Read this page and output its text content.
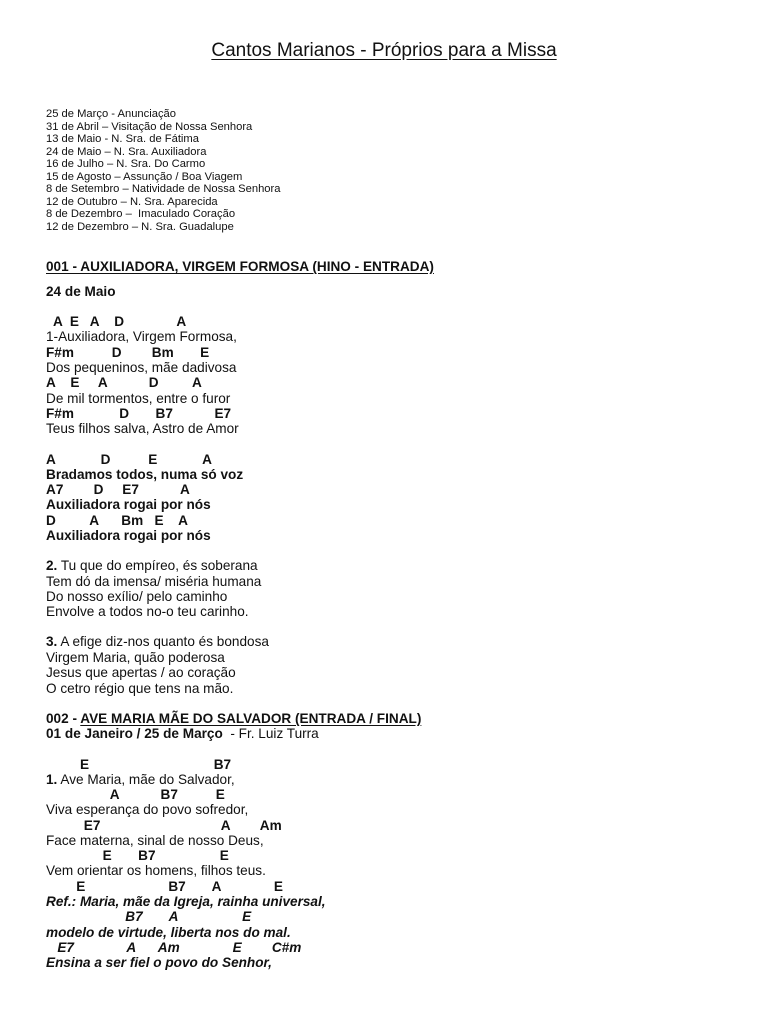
Cantos Marianos - Próprios para a Missa
25 de Março - Anunciação
31 de Abril – Visitação de Nossa Senhora
13 de Maio - N. Sra. de Fátima
24 de Maio – N. Sra. Auxiliadora
16 de Julho – N. Sra. Do Carmo
15 de Agosto – Assunção / Boa Viagem
8 de Setembro – Natividade de Nossa Senhora
12 de Outubro – N. Sra. Aparecida
8 de Dezembro –  Imaculado Coração
12 de Dezembro – N. Sra. Guadalupe
001 - AUXILIADORA, VIRGEM FORMOSA (HINO - ENTRADA)
24 de Maio
A  E   A    D              A
1-Auxiliadora, Virgem Formosa,
F#m          D        Bm       E
Dos pequeninos, mãe dadivosa
A    E     A           D         A
De mil tormentos, entre o furor
F#m            D       B7           E7
Teus filhos salva, Astro de Amor
A            D          E            A
Bradamos todos, numa só voz
A7        D     E7           A
Auxiliadora rogai por nós
D         A      Bm   E    A
Auxiliadora rogai por nós
2. Tu que do empíreo, és soberana
Tem dó da imensa/ miséria humana
Do nosso exílio/ pelo caminho
Envolve a todos no-o teu carinho.
3. A efige diz-nos quanto és bondosa
Virgem Maria, quão poderosa
Jesus que apertas / ao coração
O cetro régio que tens na mão.
002 - AVE MARIA MÃE DO SALVADOR (ENTRADA / FINAL)
01 de Janeiro / 25 de Março  - Fr. Luiz Turra
E                                 B7
1. Ave Maria, mãe do Salvador,
A           B7          E
Viva esperança do povo sofredor,
E7                                A        Am
Face materna, sinal de nosso Deus,
E       B7                 E
Vem orientar os homens, filhos teus.
E                      B7       A              E
Ref.: Maria, mãe da Igreja, rainha universal,
B7       A                 E
modelo de virtude, liberta nos do mal.
E7              A      Am              E        C#m
Ensina a ser fiel o povo do Senhor,
